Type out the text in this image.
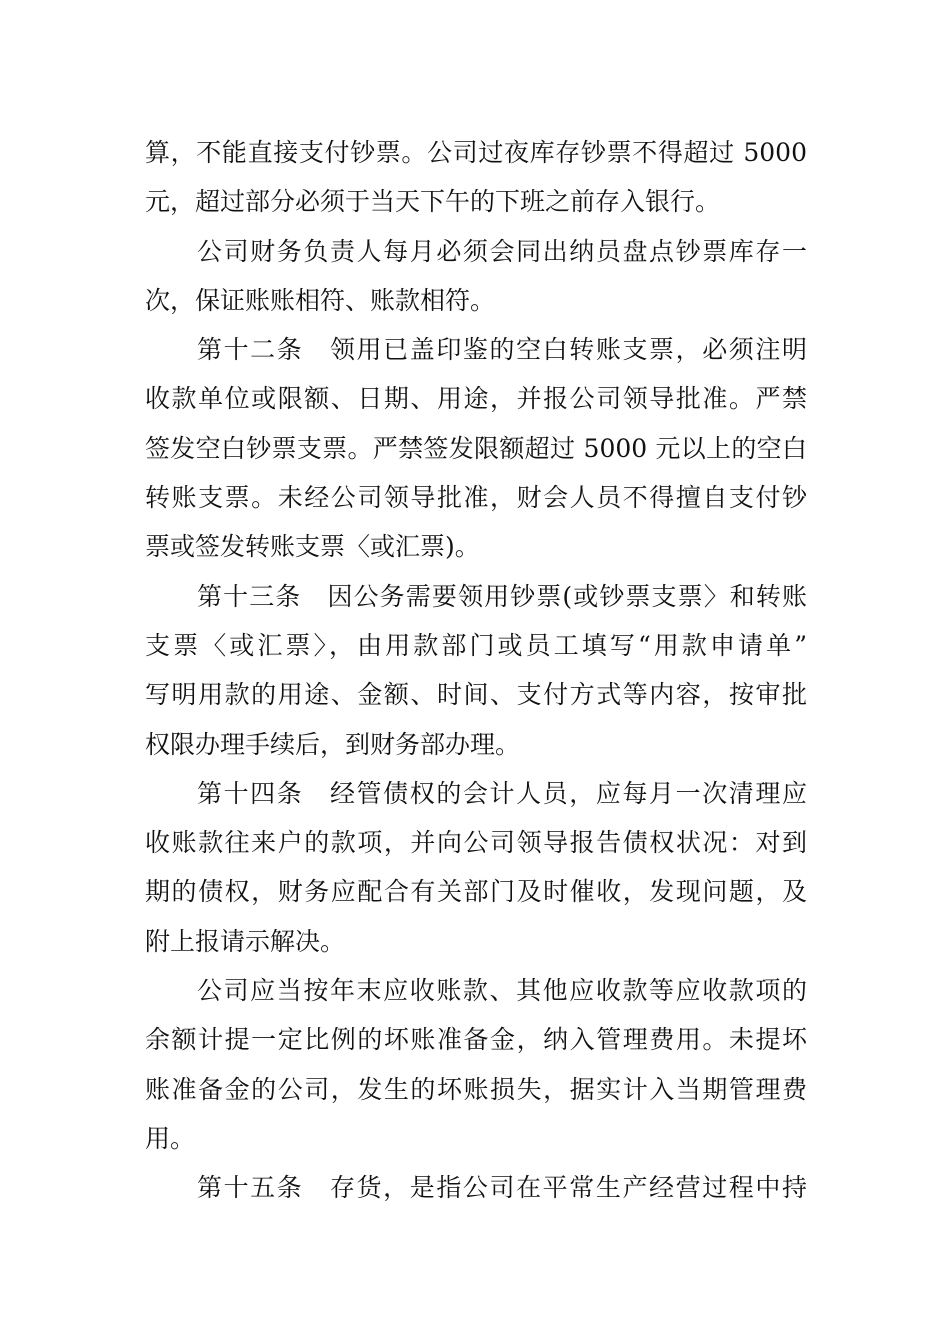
算，不能直接支付钞票。公司过夜库存钞票不得超过 5000
元，超过部分必须于当天下午的下班之前存入银行。
公司财务负责人每月必须会同出纳员盘点钞票库存一
次，保证账账相符、账款相符。
第十二条　领用已盖印鉴的空白转账支票，必须注明
收款单位或限额、日期、用途，并报公司领导批准。严禁
签发空白钞票支票。严禁签发限额超过 5000 元以上的空白
转账支票。未经公司领导批准，财会人员不得擅自支付钞
票或签发转账支票〈或汇票)。
第十三条　因公务需要领用钞票(或钞票支票〉和转账
支票〈或汇票〉，由用款部门或员工填写“用款申请单”
写明用款的用途、金额、时间、支付方式等内容，按审批
权限办理手续后，到财务部办理。
第十四条　经管债权的会计人员，应每月一次清理应
收账款往来户的款项，并向公司领导报告债权状况：对到
期的债权，财务应配合有关部门及时催收，发现问题，及
附上报请示解决。
公司应当按年末应收账款、其他应收款等应收款项的
余额计提一定比例的坏账准备金，纳入管理费用。未提坏
账准备金的公司，发生的坏账损失，据实计入当期管理费
用。
第十五条　存货，是指公司在平常生产经营过程中持
